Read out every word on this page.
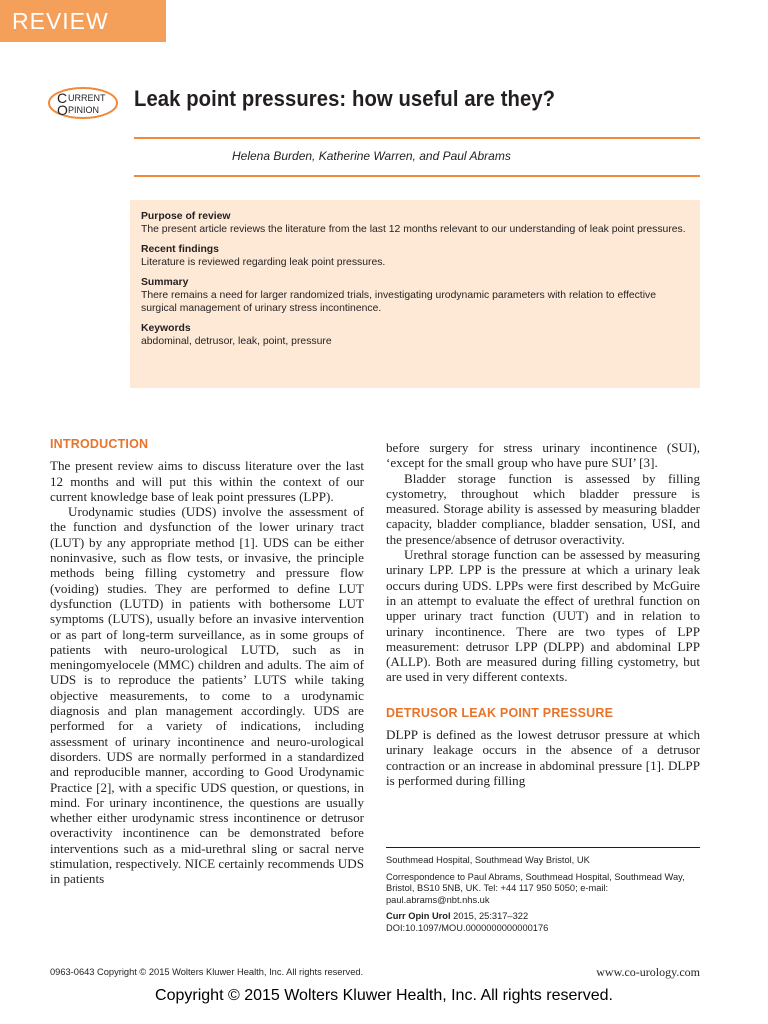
REVIEW
C URRENT
O PINION Leak point pressures: how useful are they?
Helena Burden, Katherine Warren, and Paul Abrams
Purpose of review
The present article reviews the literature from the last 12 months relevant to our understanding of leak point pressures.
Recent findings
Literature is reviewed regarding leak point pressures.
Summary
There remains a need for larger randomized trials, investigating urodynamic parameters with relation to effective surgical management of urinary stress incontinence.
Keywords
abdominal, detrusor, leak, point, pressure
INTRODUCTION

The present review aims to discuss literature over the last 12 months and will put this within the context of our current knowledge base of leak point pressures (LPP).

Urodynamic studies (UDS) involve the assessment of the function and dysfunction of the lower urinary tract (LUT) by any appropriate method [1]. UDS can be either noninvasive, such as flow tests, or invasive, the principle methods being filling cystometry and pressure flow (voiding) studies. They are performed to define LUT dysfunction (LUTD) in patients with bothersome LUT symptoms (LUTS), usually before an invasive intervention or as part of long-term surveillance, as in some groups of patients with neuro-urological LUTD, such as in meningomyelocele (MMC) children and adults. The aim of UDS is to reproduce the patients’ LUTS while taking objective measurements, to come to a urodynamic diagnosis and plan management accordingly. UDS are performed for a variety of indications, including assessment of urinary incontinence and neuro-urological disorders. UDS are normally performed in a standardized and reproducible manner, according to Good Urodynamic Practice [2], with a specific UDS question, or questions, in mind. For urinary incontinence, the questions are usually whether either urodynamic stress incontinence or detrusor overactivity incontinence can be demonstrated before interventions such as a mid-urethral sling or sacral nerve stimulation, respectively. NICE certainly recommends UDS in patients

before surgery for stress urinary incontinence (SUI), ‘except for the small group who have pure SUI’ [3].

Bladder storage function is assessed by filling cystometry, throughout which bladder pressure is measured. Storage ability is assessed by measuring bladder capacity, bladder compliance, bladder sensation, USI, and the presence/absence of detrusor overactivity.

Urethral storage function can be assessed by measuring urinary LPP. LPP is the pressure at which a urinary leak occurs during UDS. LPPs were first described by McGuire in an attempt to evaluate the effect of urethral function on upper urinary tract function (UUT) and in relation to urinary incontinence. There are two types of LPP measurement: detrusor LPP (DLPP) and abdominal LPP (ALLP). Both are measured during filling cystometry, but are used in very different contexts.

DETRUSOR LEAK POINT PRESSURE

DLPP is defined as the lowest detrusor pressure at which urinary leakage occurs in the absence of a detrusor contraction or an increase in abdominal pressure [1]. DLPP is performed during filling

Southmead Hospital, Southmead Way Bristol, UK
Correspondence to Paul Abrams, Southmead Hospital, Southmead Way, Bristol, BS10 5NB, UK. Tel: +44 117 950 5050; e-mail: paul.abrams@nbt.nhs.uk
Curr Opin Urol 2015, 25:317–322
DOI:10.1097/MOU.0000000000000176
0963-0643 Copyright © 2015 Wolters Kluwer Health, Inc. All rights reserved.	www.co-urology.com
Copyright © 2015 Wolters Kluwer Health, Inc. All rights reserved.
